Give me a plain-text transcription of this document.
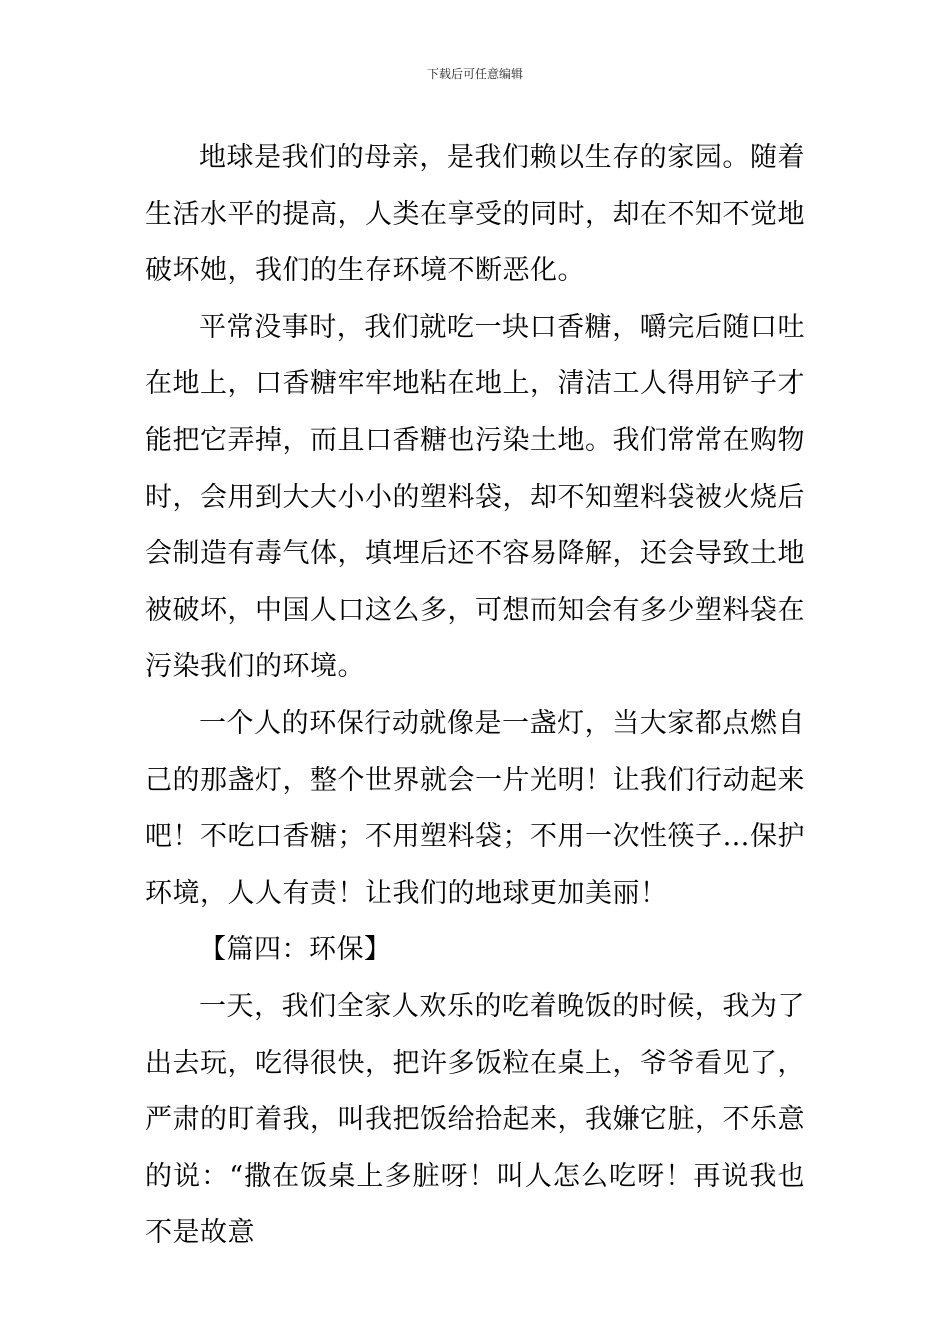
下载后可任意编辑

地球是我们的母亲，是我们赖以生存的家园。随着生活水平的提高，人类在享受的同时，却在不知不觉地破坏她，我们的生存环境不断恶化。

平常没事时，我们就吃一块口香糖，嚼完后随口吐在地上，口香糖牢牢地粘在地上，清洁工人得用铲子才能把它弄掉，而且口香糖也污染土地。我们常常在购物时，会用到大大小小的塑料袋，却不知塑料袋被火烧后会制造有毒气体，填埋后还不容易降解，还会导致土地被破坏，中国人口这么多，可想而知会有多少塑料袋在污染我们的环境。

一个人的环保行动就像是一盏灯，当大家都点燃自己的那盏灯，整个世界就会一片光明！让我们行动起来吧！不吃口香糖；不用塑料袋；不用一次性筷子…保护环境，人人有责！让我们的地球更加美丽！

【篇四：环保】

一天，我们全家人欢乐的吃着晚饭的时候，我为了出去玩，吃得很快，把许多饭粒在桌上，爷爷看见了，严肃的盯着我，叫我把饭给拾起来，我嫌它脏，不乐意的说：“撒在饭桌上多脏呀！叫人怎么吃呀！再说我也不是故意
